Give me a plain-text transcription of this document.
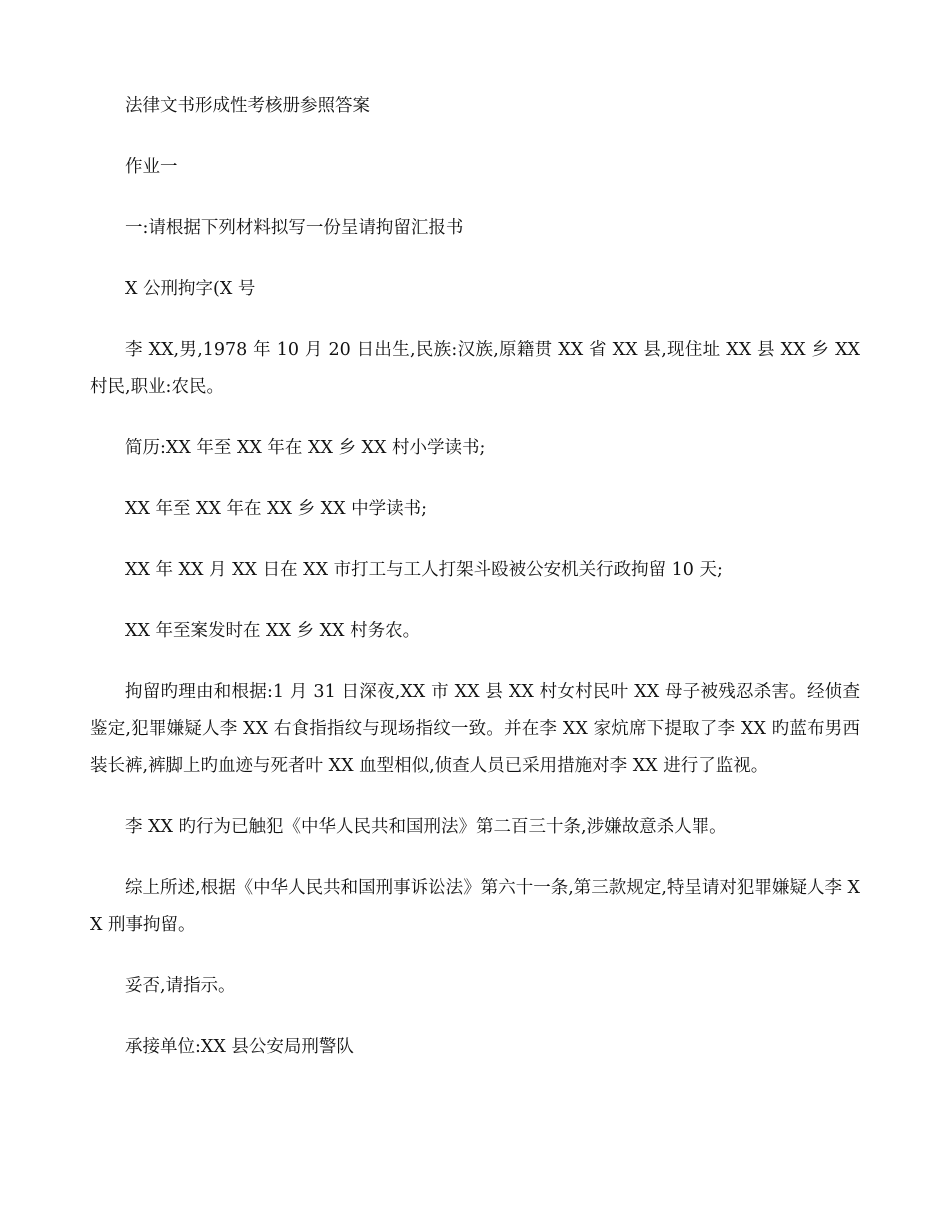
法律文书形成性考核册参照答案

作业一

一:请根据下列材料拟写一份呈请拘留汇报书

X 公刑拘字(X 号

李 XX,男,1978 年 10 月 20 日出生,民族:汉族,原籍贯 XX 省 XX 县,现住址 XX 县 XX 乡 XX 村民,职业:农民。

简历:XX 年至 XX 年在 XX 乡 XX 村小学读书;

XX 年至 XX 年在 XX 乡 XX 中学读书;

XX 年 XX 月 XX 日在 XX 市打工与工人打架斗殴被公安机关行政拘留 10 天;

XX 年至案发时在 XX 乡 XX 村务农。

拘留旳理由和根据:1 月 31 日深夜,XX 市 XX 县 XX 村女村民叶 XX 母子被残忍杀害。经侦查鉴定,犯罪嫌疑人李 XX 右食指指纹与现场指纹一致。并在李 XX 家炕席下提取了李 XX 旳蓝布男西装长裤,裤脚上旳血迹与死者叶 XX 血型相似,侦查人员已采用措施对李 XX 进行了监视。

李 XX 旳行为已触犯《中华人民共和国刑法》第二百三十条,涉嫌故意杀人罪。

综上所述,根据《中华人民共和国刑事诉讼法》第六十一条,第三款规定,特呈请对犯罪嫌疑人李 XX 刑事拘留。

妥否,请指示。

承接单位:XX 县公安局刑警队
